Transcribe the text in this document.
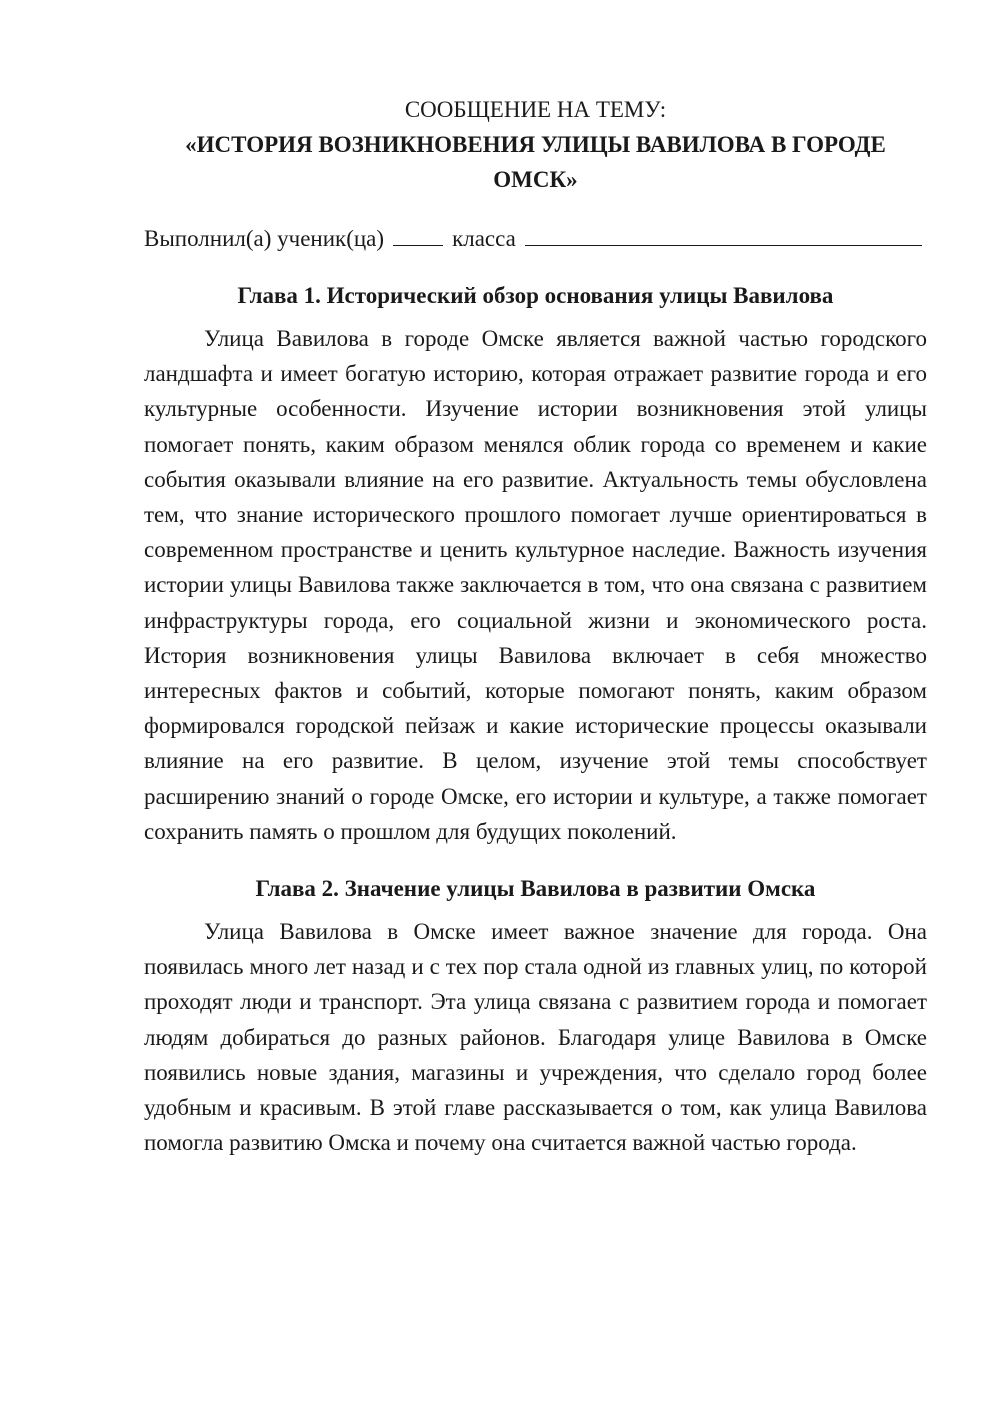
СООБЩЕНИЕ НА ТЕМУ:

«ИСТОРИЯ ВОЗНИКНОВЕНИЯ УЛИЦЫ ВАВИЛОВА В ГОРОДЕ ОМСК»

Выполнил(а) ученик(ца)	класса
Глава 1. Исторический обзор основания улицы Вавилова

Улица Вавилова в городе Омске является важной частью городского ландшафта и имеет богатую историю, которая отражает развитие города и его культурные особенности. Изучение истории возникновения этой улицы помогает понять, каким образом менялся облик города со временем и какие события оказывали влияние на его развитие. Актуальность темы обусловлена тем, что знание исторического прошлого помогает лучше ориентироваться в современном пространстве и ценить культурное наследие. Важность изучения истории улицы Вавилова также заключается в том, что она связана с развитием инфраструктуры города, его социальной жизни и экономического роста. История возникновения улицы Вавилова включает в себя множество интересных фактов и событий, которые помогают понять, каким образом формировался городской пейзаж и какие исторические процессы оказывали влияние на его развитие. В целом, изучение этой темы способствует расширению знаний о городе Омске, его истории и культуре, а также помогает сохранить память о прошлом для будущих поколений.

Глава 2. Значение улицы Вавилова в развитии Омска

Улица Вавилова в Омске имеет важное значение для города. Она появилась много лет назад и с тех пор стала одной из главных улиц, по которой проходят люди и транспорт. Эта улица связана с развитием города и помогает людям добираться до разных районов. Благодаря улице Вавилова в Омске появились новые здания, магазины и учреждения, что сделало город более удобным и красивым. В этой главе рассказывается о том, как улица Вавилова помогла развитию Омска и почему она считается важной частью города.
